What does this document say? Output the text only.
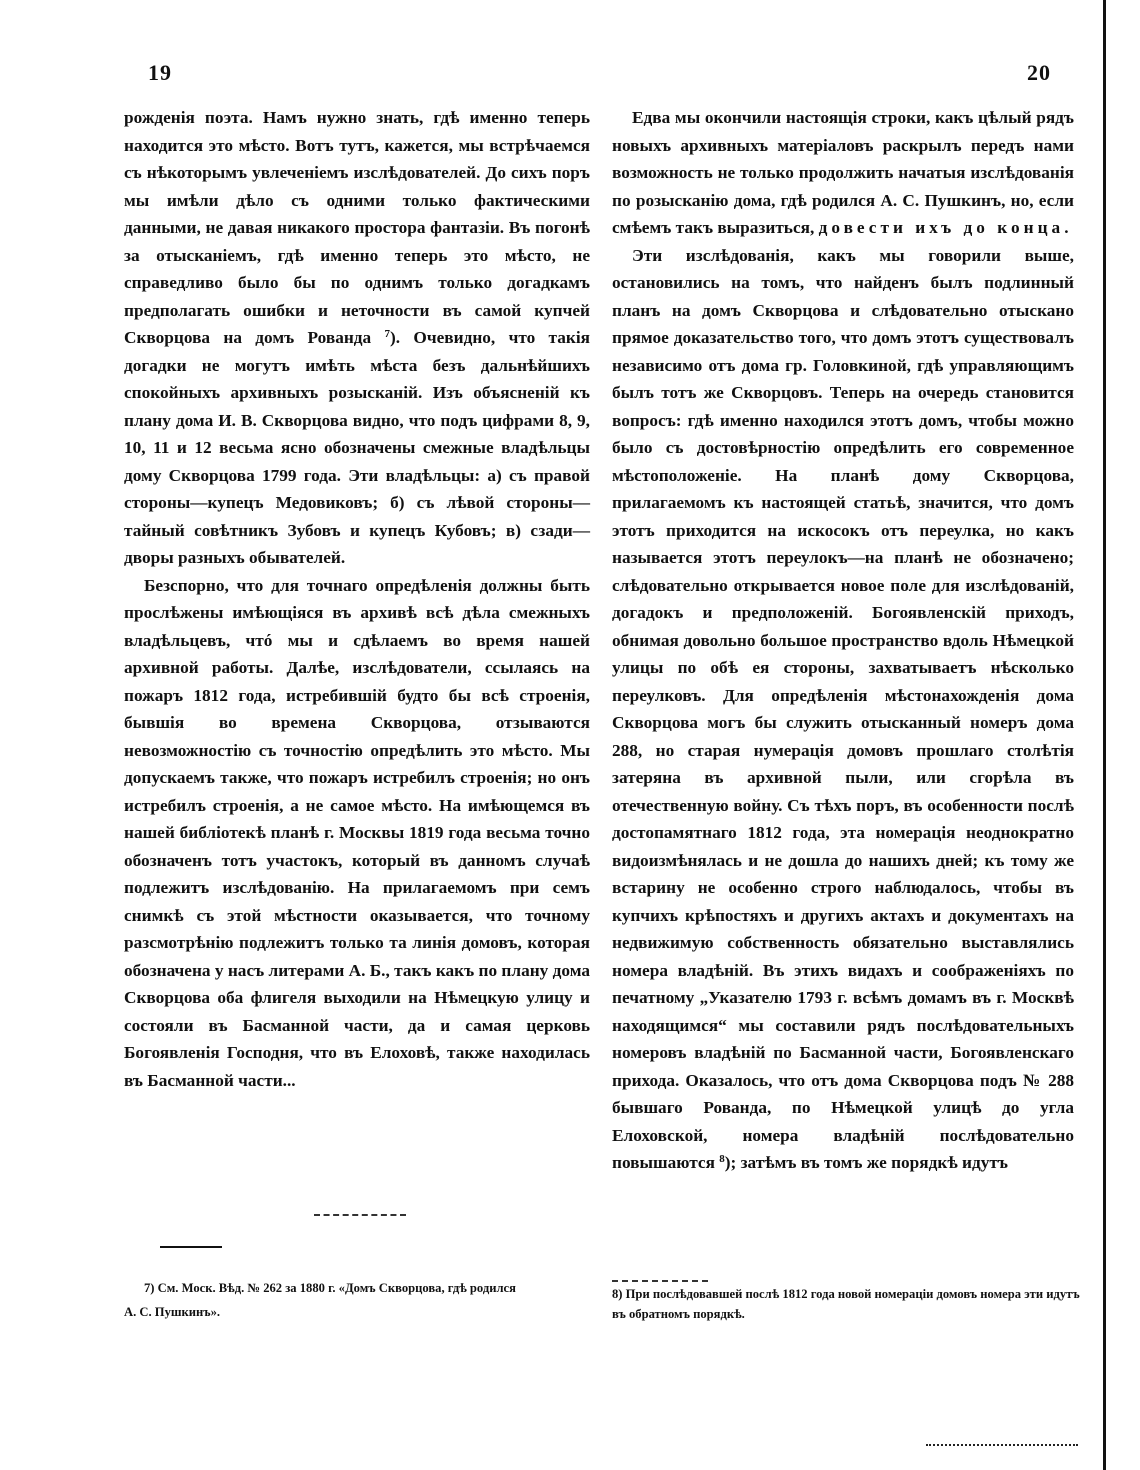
19	20

рожденія поэта. Намъ нужно знать, гдѣ именно теперь находится это мѣсто. Вотъ тутъ, кажется, мы встрѣчаемся съ нѣкоторымъ увлеченіемъ изслѣдователей. До сихъ поръ мы имѣли дѣло съ одними только фактическими данными, не давая никакого простора фантазіи. Въ погонѣ за отысканіемъ, гдѣ именно теперь это мѣсто, не справедливо было бы по однимъ только догадкамъ предполагать ошибки и неточности въ самой купчей Скворцова на домъ Рованда $^7$). Очевидно, что такія догадки не могутъ имѣть мѣста безъ дальнѣйшихъ спокойныхъ архивныхъ розысканій. Изъ объясненій къ плану дома И. В. Скворцова видно, что подъ цифрами 8, 9, 10, 11 и 12 весьма ясно обозначены смежные владѣльцы дому Скворцова 1799 года. Эти владѣльцы: а) съ правой стороны—купецъ Медовиковъ; б) съ лѣвой стороны—тайный совѣтникъ Зубовъ и купецъ Кубовъ; в) сзади—дворы разныхъ обывателей.

Безспорно, что для точнаго опредѣленія должны быть прослѣжены имѣющіяся въ архивѣ всѣ дѣла смежныхъ владѣльцевъ, чтó мы и сдѣлаемъ во время нашей архивной работы. Далѣе, изслѣдователи, ссылаясь на пожаръ 1812 года, истребившій будто бы всѣ строенія, бывшія во времена Скворцова, отзываются невозможностію съ точностію опредѣлить это мѣсто. Мы допускаемъ также, что пожаръ истребилъ строенія; но онъ истребилъ строенія, а не самое мѣсто. На имѣющемся въ нашей библіотекѣ планѣ г. Москвы 1819 года весьма точно обозначенъ тотъ участокъ, который въ данномъ случаѣ подлежитъ изслѣдованію. На прилагаемомъ при семъ снимкѣ съ этой мѣстности оказывается, что точному разсмотрѣнію подлежитъ только та линія домовъ, которая обозначена у насъ литерами А. Б., такъ какъ по плану дома Скворцова оба флигеля выходили на Нѣмецкую улицу и состояли въ Басманной части, да и самая церковь Богоявленія Господня, что въ Елоховѣ, также находилась въ Басманной части...

Едва мы окончили настоящія строки, какъ цѣлый рядъ новыхъ архивныхъ матеріаловъ раскрылъ передъ нами возможность не только продолжить начатыя изслѣдованія по розысканію дома, гдѣ родился А. С. Пушкинъ, но, если смѣемъ такъ выразиться, довести ихъ до конца.

Эти изслѣдованія, какъ мы говорили выше, остановились на томъ, что найденъ былъ подлинный планъ на домъ Скворцова и слѣдовательно отыскано прямое доказательство того, что домъ этотъ существовалъ независимо отъ дома гр. Головкиной, гдѣ управляющимъ былъ тотъ же Скворцовъ. Теперь на очередь становится вопросъ: гдѣ именно находился этотъ домъ, чтобы можно было съ достовѣрностію опредѣлить его современное мѣстоположеніе. На планѣ дому Скворцова, прилагаемомъ къ настоящей статьѣ, значится, что домъ этотъ приходится на искосокъ отъ переулка, но какъ называется этотъ переулокъ—на планѣ не обозначено; слѣдовательно открывается новое поле для изслѣдованій, догадокъ и предположеній. Богоявленскій приходъ, обнимая довольно большое пространство вдоль Нѣмецкой улицы по обѣ ея стороны, захватываетъ нѣсколько переулковъ. Для опредѣленія мѣстонахожденія дома Скворцова могъ бы служить отысканный номеръ дома 288, но старая нумерація домовъ прошлаго столѣтія затеряна въ архивной пыли, или сгорѣла въ отечественную войну. Съ тѣхъ поръ, въ особенности послѣ достопамятнаго 1812 года, эта номерація неоднократно видоизмѣнялась и не дошла до нашихъ дней; къ тому же встарину не особенно строго наблюдалось, чтобы въ купчихъ крѣпостяхъ и другихъ актахъ и документахъ на недвижимую собственность обязательно выставлялись номера владѣній. Въ этихъ видахъ и соображеніяхъ по печатному „Указателю 1793 г. всѣмъ домамъ въ г. Москвѣ находящимся“ мы составили рядъ послѣдовательныхъ номеровъ владѣній по Басманной части, Богоявленскаго прихода. Оказалось, что отъ дома Скворцова подъ № 288 бывшаго Рованда, по Нѣмецкой улицѣ до угла Елоховской, номера владѣній послѣдовательно повышаются $^8$); затѣмъ въ томъ же порядкѣ идутъ

7) См. Моск. Вѣд. № 262 за 1880 г. «Домъ Скворцова, гдѣ родился
А. С. Пушкинъ».
8) При послѣдовавшей послѣ 1812 года новой номераціи домовъ номера эти идутъ въ обратномъ порядкѣ.
